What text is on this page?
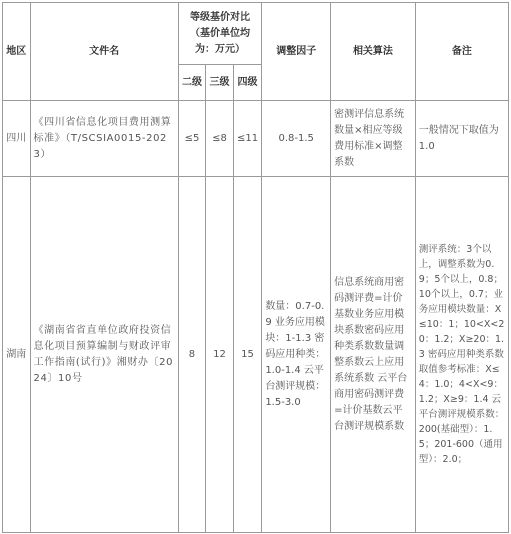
地区	文件名	等级基价对比（基价单位均为：万元）			调整因子	相关算法	备注
		二级	三级	四级			
四川	《四川省信息化项目费用测算标准》（T/SCSIA0015-2023）	≤5	≤8	≤11	0.8-1.5	密测评信息系统数量×相应等级费用标准×调整系数	一般情况下取值为1.0
湖南	《湖南省省直单位政府投资信息化项目预算编制与财政评审工作指南(试行)》湘财办〔2024〕10号	8	12	15	数量：0.7-0.9 业务应用模块：1-1.3 密码应用种类：1.0-1.4 云平台测评规模：1.5-3.0	信息系统商用密码测评费=计价基数业务应用模块系数密码应用种类系数数量调整系数云上应用系统系数 云平台商用密码测评费=计价基数云平台测评规模系数	测评系统：3个以上，调整系数为0.9；5个以上，0.8；10个以上，0.7；业务应用模块数量：X≤10：1；10<X<20：1.2；X≥20：1.3 密码应用种类系数取值参考标准：X≤4：1.0；4<X<9：1.2；X≥9：1.4 云平台测评规模系数：200(基础型）：1.5；201-600（通用型）：2.0；
